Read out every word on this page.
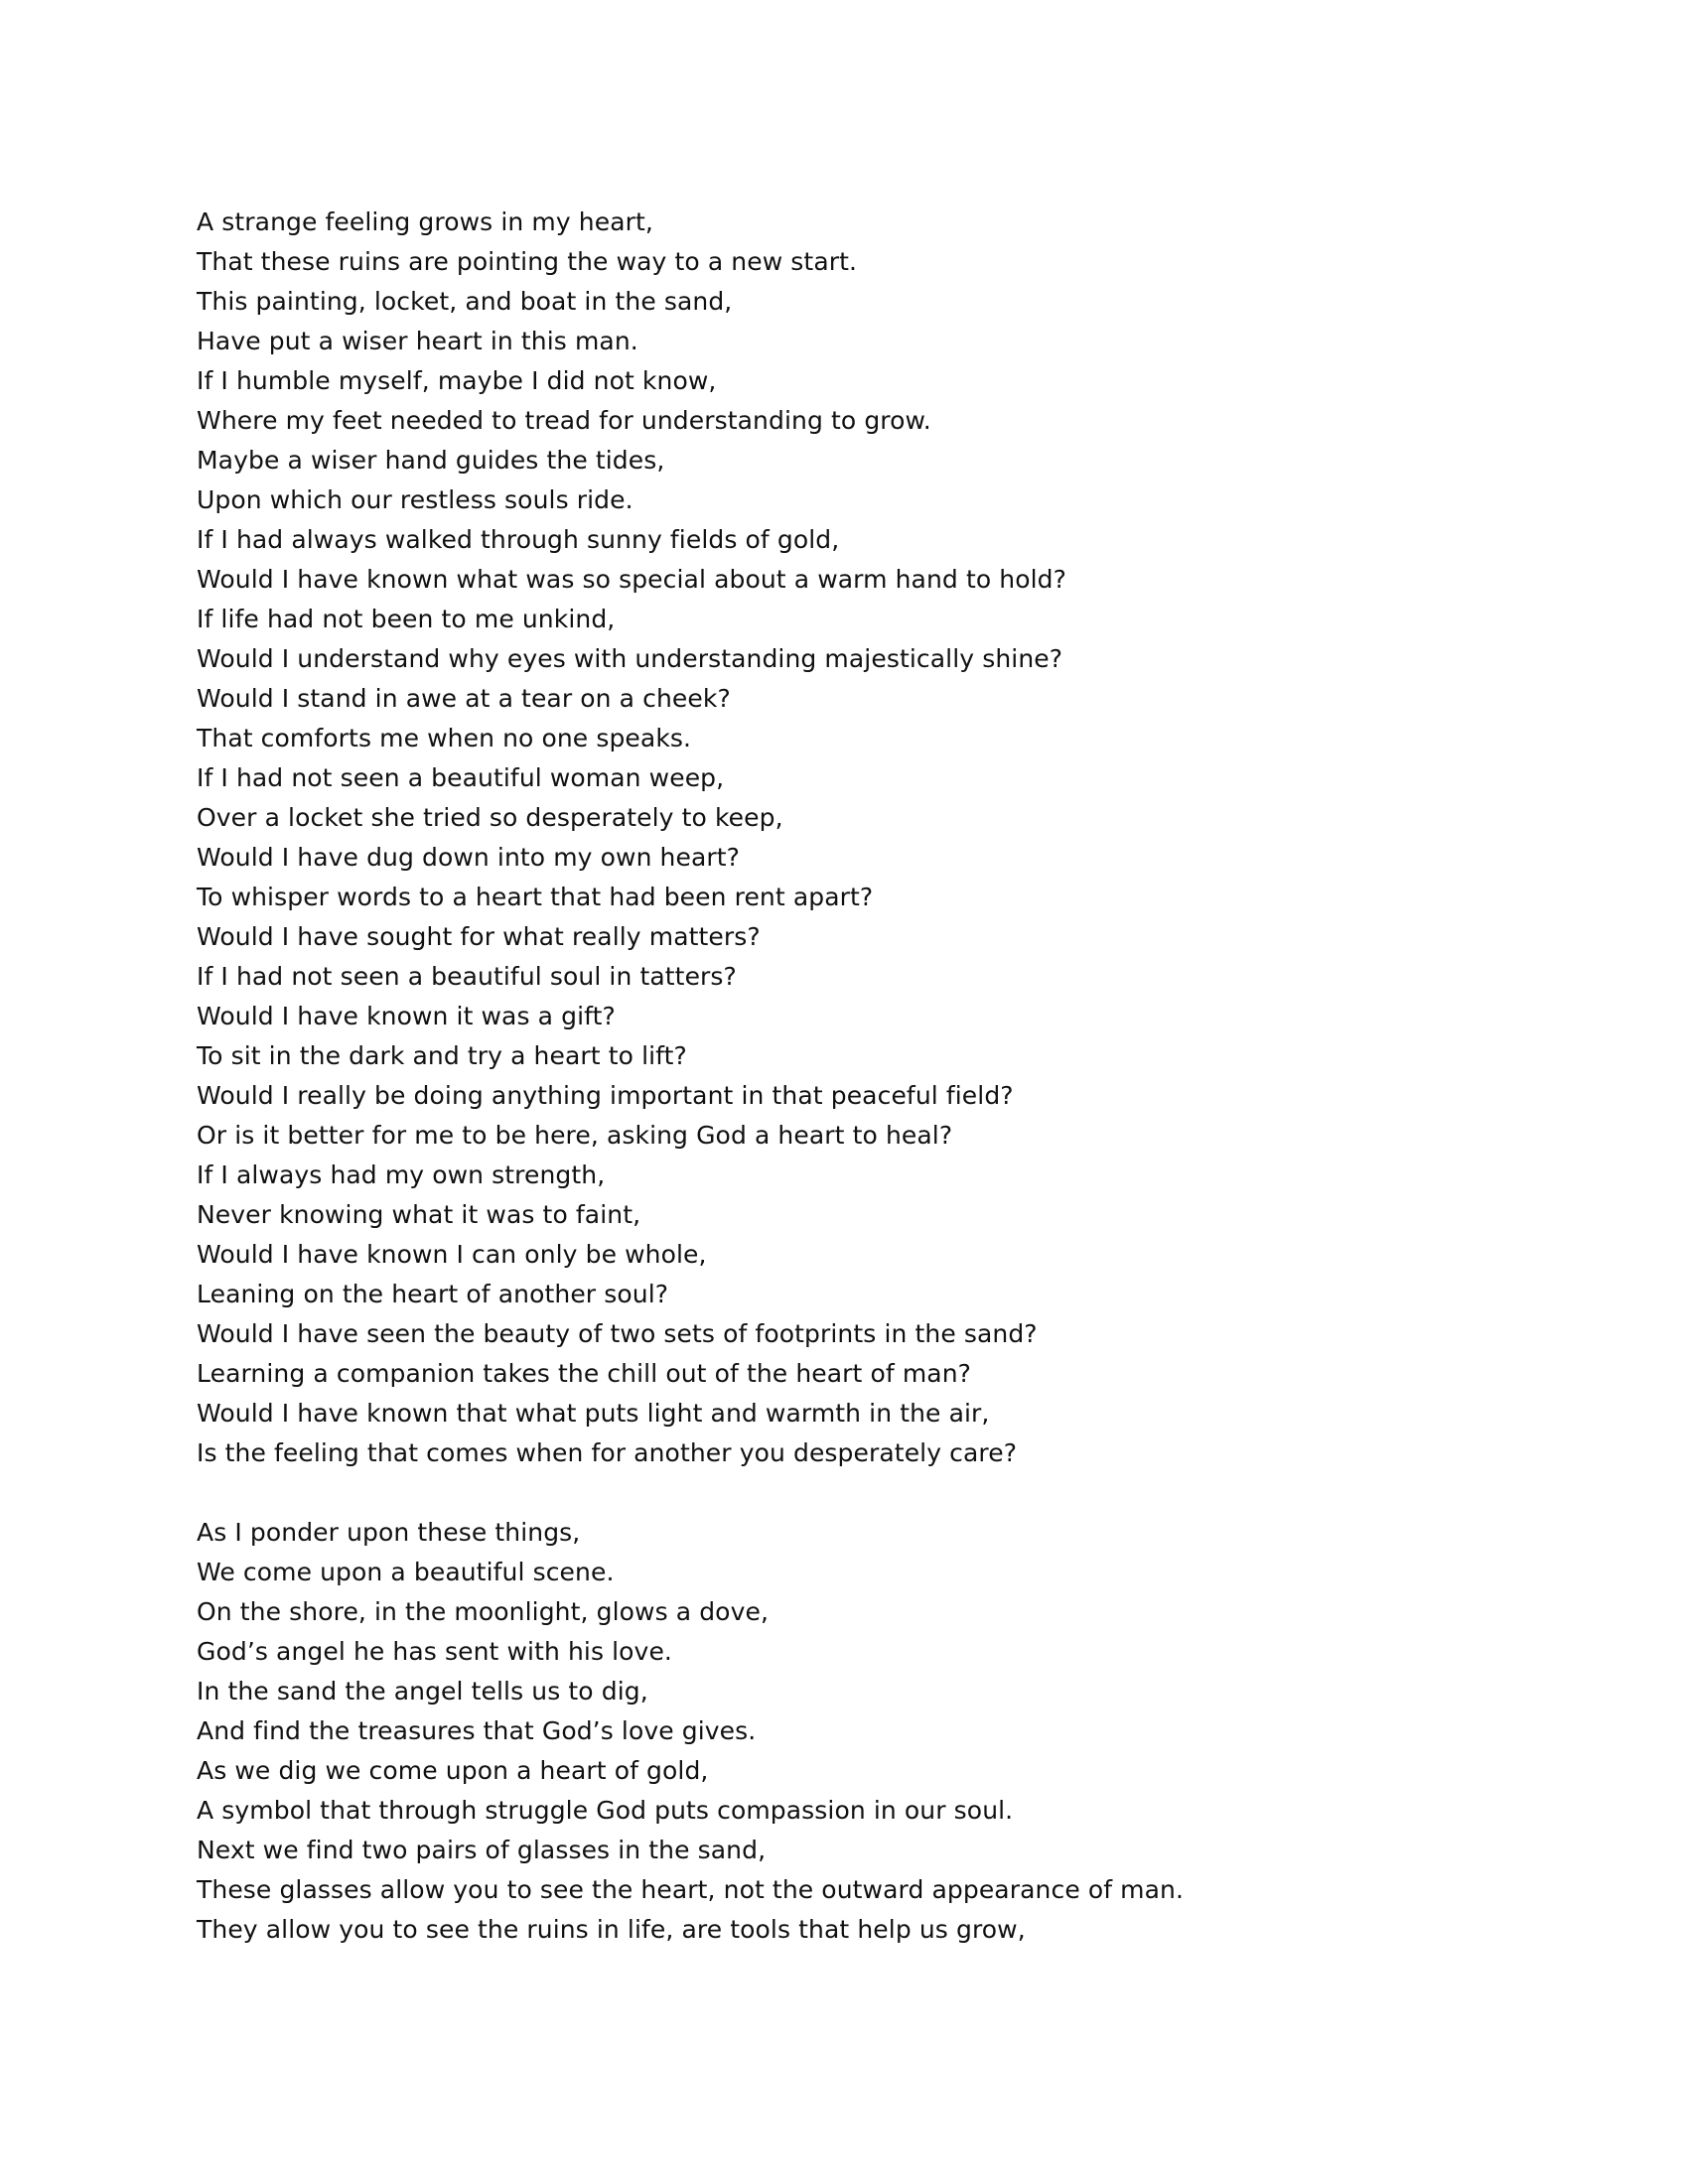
A strange feeling grows in my heart,
That these ruins are pointing the way to a new start.
This painting, locket, and boat in the sand,
Have put a wiser heart in this man.
If I humble myself, maybe I did not know,
Where my feet needed to tread for understanding to grow.
Maybe a wiser hand guides the tides,
Upon which our restless souls ride.
If I had always walked through sunny fields of gold,
Would I have known what was so special about a warm hand to hold?
If life had not been to me unkind,
Would I understand why eyes with understanding majestically shine?
Would I stand in awe at a tear on a cheek?
That comforts me when no one speaks.
If I had not seen a beautiful woman weep,
Over a locket she tried so desperately to keep,
Would I have dug down into my own heart?
To whisper words to a heart that had been rent apart?
Would I have sought for what really matters?
If I had not seen a beautiful soul in tatters?
Would I have known it was a gift?
To sit in the dark and try a heart to lift?
Would I really be doing anything important in that peaceful field?
Or is it better for me to be here, asking God a heart to heal?
If I always had my own strength,
Never knowing what it was to faint,
Would I have known I can only be whole,
Leaning on the heart of another soul?
Would I have seen the beauty of two sets of footprints in the sand?
Learning a companion takes the chill out of the heart of man?
Would I have known that what puts light and warmth in the air,
Is the feeling that comes when for another you desperately care?
As I ponder upon these things,
We come upon a beautiful scene.
On the shore, in the moonlight, glows a dove,
God’s angel he has sent with his love.
In the sand the angel tells us to dig,
And find the treasures that God’s love gives.
As we dig we come upon a heart of gold,
A symbol that through struggle God puts compassion in our soul.
Next we find two pairs of glasses in the sand,
These glasses allow you to see the heart, not the outward appearance of man.
They allow you to see the ruins in life, are tools that help us grow,
